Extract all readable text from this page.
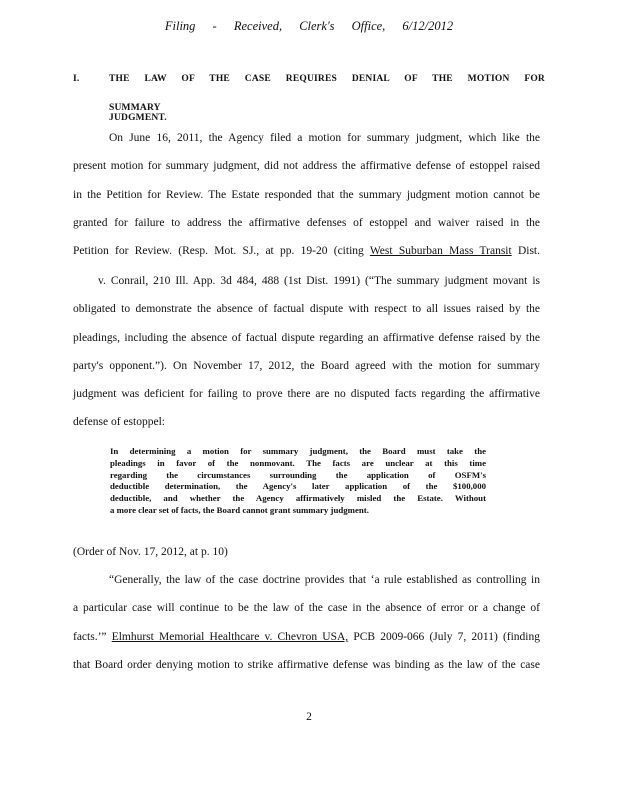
Filing - Received, Clerk's Office, 6/12/2012
I.	THE LAW OF THE CASE REQUIRES DENIAL OF THE MOTION FOR
SUMMARY JUDGMENT.
On June 16, 2011, the Agency filed a motion for summary judgment, which like the
present motion for summary judgment, did not address the affirmative defense of estoppel raised
in the Petition for Review. The Estate responded that the summary judgment motion cannot be
granted for failure to address the affirmative defenses of estoppel and waiver raised in the
Petition for Review. (Resp. Mot. SJ., at pp. 19-20 (citing West Suburban Mass Transit Dist.
v. Conrail, 210 Ill. App. 3d 484, 488 (1st Dist. 1991) (“The summary judgment movant is
obligated to demonstrate the absence of factual dispute with respect to all issues raised by the
pleadings, including the absence of factual dispute regarding an affirmative defense raised by the
party's opponent.”). On November 17, 2012, the Board agreed with the motion for summary
judgment was deficient for failing to prove there are no disputed facts regarding the affirmative
defense of estoppel:
In determining a motion for summary judgment, the Board must take the
pleadings in favor of the nonmovant. The facts are unclear at this time
regarding the circumstances surrounding the application of OSFM's
deductible determination, the Agency's later application of the $100,000
deductible, and whether the Agency affirmatively misled the Estate. Without
a more clear set of facts, the Board cannot grant summary judgment.
(Order of Nov. 17, 2012, at p. 10)
“Generally, the law of the case doctrine provides that ‘a rule established as controlling in
a particular case will continue to be the law of the case in the absence of error or a change of
facts.’” Elmhurst Memorial Healthcare v. Chevron USA, PCB 2009-066 (July 7, 2011) (finding
that Board order denying motion to strike affirmative defense was binding as the law of the case
2
